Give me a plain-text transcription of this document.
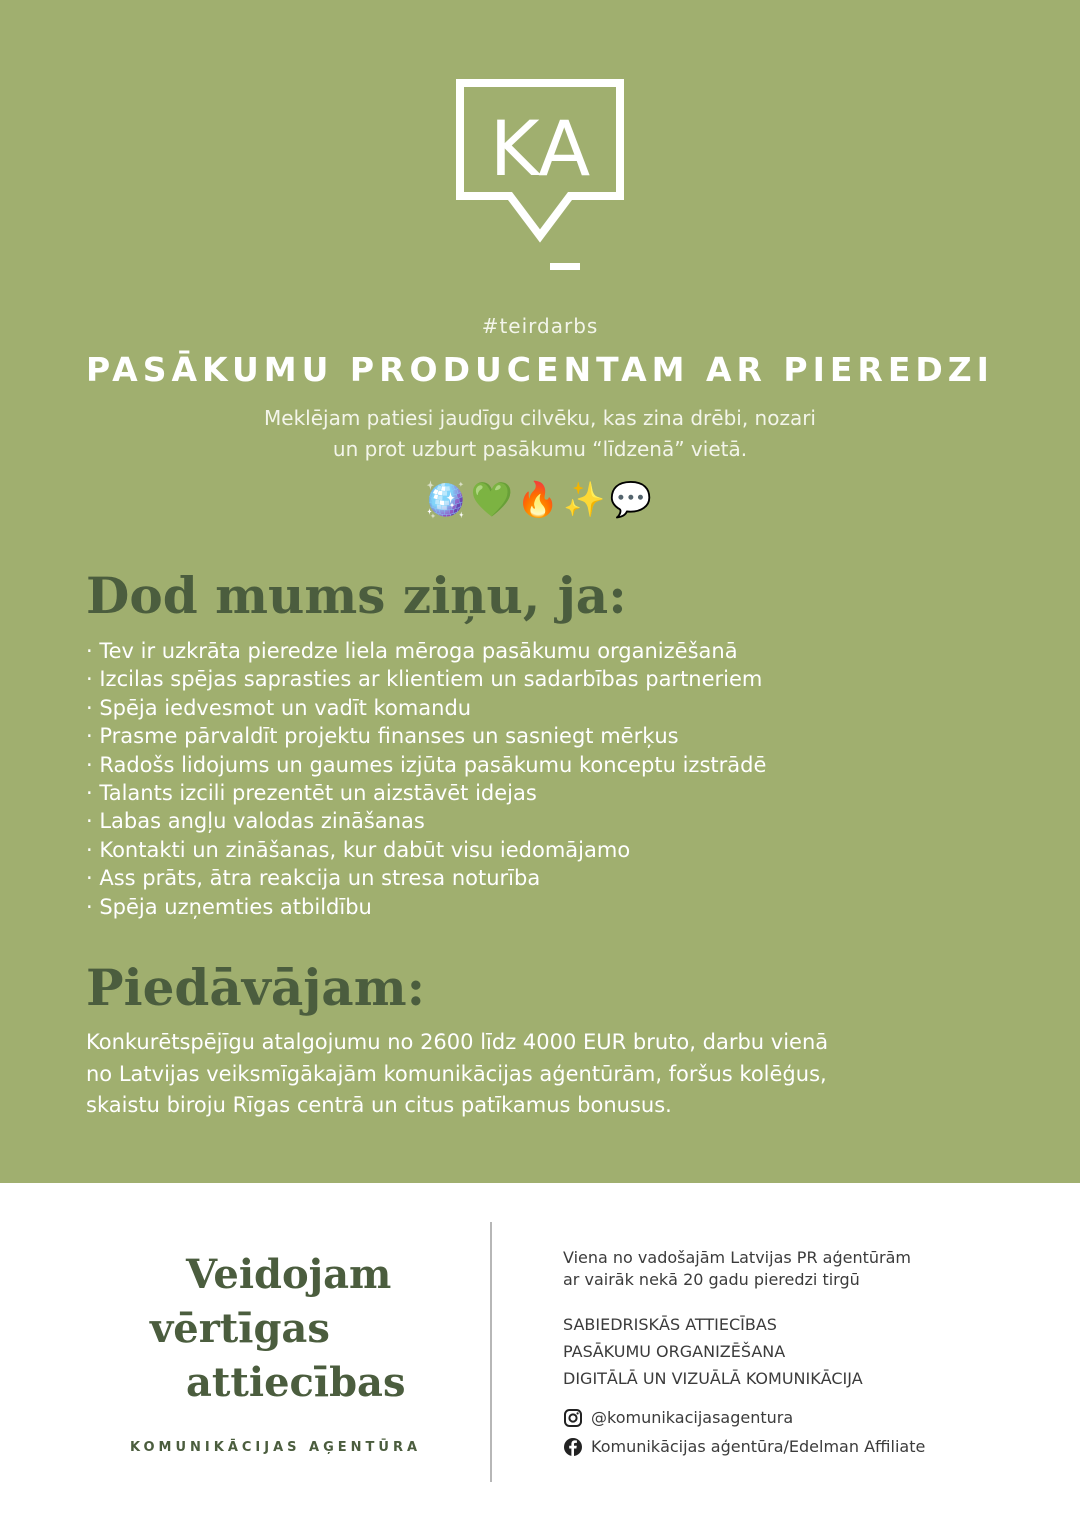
KA
#teirdarbs
PASĀKUMU PRODUCENTAM AR PIEREDZI
Meklējam patiesi jaudīgu cilvēku, kas zina drēbi, nozari
un prot uzburt pasākumu “līdzenā” vietā.
🪩💚🔥✨💬
Dod mums ziņu, ja:
· Tev ir uzkrāta pieredze liela mēroga pasākumu organizēšanā
· Izcilas spējas saprasties ar klientiem un sadarbības partneriem
· Spēja iedvesmot un vadīt komandu
· Prasme pārvaldīt projektu finanses un sasniegt mērķus
· Radošs lidojums un gaumes izjūta pasākumu konceptu izstrādē
· Talants izcili prezentēt un aizstāvēt idejas
· Labas angļu valodas zināšanas
· Kontakti un zināšanas, kur dabūt visu iedomājamo
· Ass prāts, ātra reakcija un stresa noturība
· Spēja uzņemties atbildību
Piedāvājam:
Konkurētspējīgu atalgojumu no 2600 līdz 4000 EUR bruto, darbu vienā
no Latvijas veiksmīgākajām komunikācijas aģentūrām, foršus kolēģus,
skaistu biroju Rīgas centrā un citus patīkamus bonusus.
Veidojam
vērtīgas
attiecības
KOMUNIKĀCIJAS AĢENTŪRA
Viena no vadošajām Latvijas PR aģentūrām
ar vairāk nekā 20 gadu pieredzi tirgū
SABIEDRISKĀS ATTIECĪBAS
PASĀKUMU ORGANIZĒŠANA
DIGITĀLĀ UN VIZUĀLĀ KOMUNIKĀCIJA
@komunikacijasagentura
Komunikācijas aģentūra/Edelman Affiliate
